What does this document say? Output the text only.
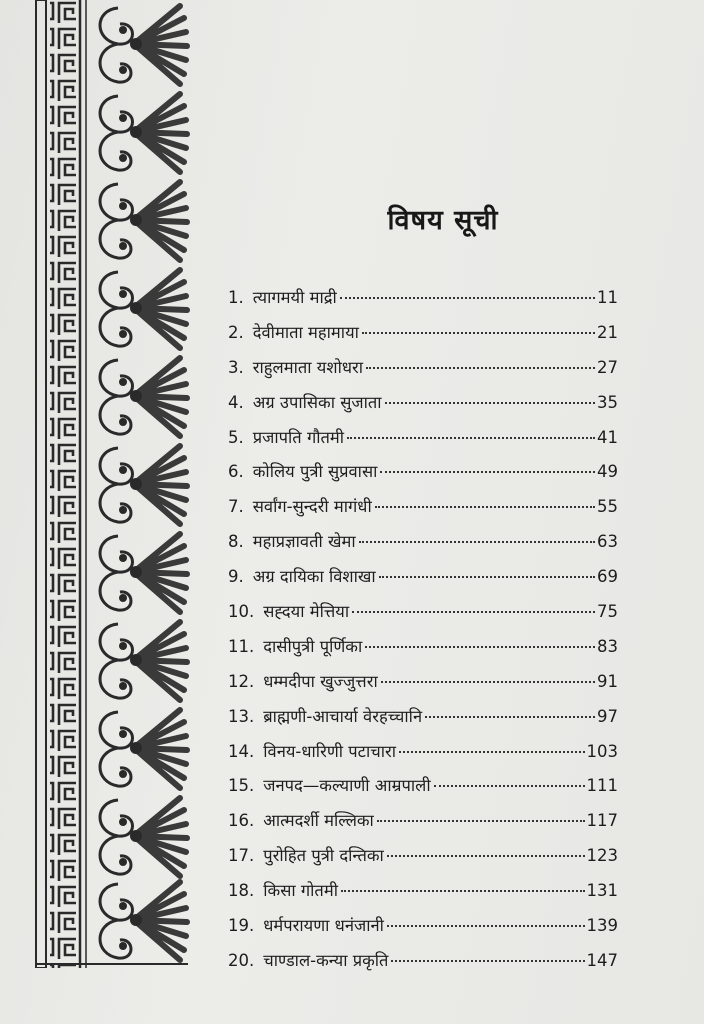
विषय सूची
1. त्यागमयी माद्री	11
2. देवीमाता महामाया	21
3. राहुलमाता यशोधरा	27
4. अग्र उपासिका सुजाता	35
5. प्रजापति गौतमी	41
6. कोलिय पुत्री सुप्रवासा	49
7. सर्वांग-सुन्दरी मागंधी	55
8. महाप्रज्ञावती खेमा	63
9. अग्र दायिका विशाखा	69
10. सह्दया मेत्तिया	75
11. दासीपुत्री पूर्णिका	83
12. धम्मदीपा खुज्जुत्तरा	91
13. ब्राह्मणी-आचार्या वेरहच्चानि	97
14. विनय-धारिणी पटाचारा	103
15. जनपद—कल्याणी आम्रपाली	111
16. आत्मदर्शी मल्लिका	117
17. पुरोहित पुत्री दन्तिका	123
18. किसा गोतमी	131
19. धर्मपरायणा धनंजानी	139
20. चाण्डाल-कन्या प्रकृति	147
